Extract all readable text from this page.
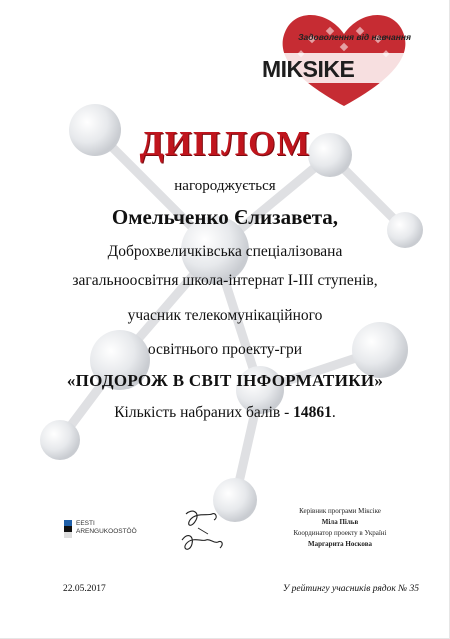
Задоволення від навчання
MIKSIKE
ДИПЛОМ
нагороджується
Омельченко Єлизавета,
Доброхвеличківська спеціалізована
загальноосвітня школа-інтернат І-ІІІ ступенів,
учасник телекомунікаційного
освітнього проекту-гри
«ПОДОРОЖ В СВІТ ІНФОРМАТИКИ»
Кількість набраних балів - 14861.
EESTI
ARENGUKOOSTÖÖ
Керівник програми Міксіке
Міла Пільв
Координатор проекту в Україні
Маргарита Носкова
22.05.2017	У рейтингу учасників рядок № 35
